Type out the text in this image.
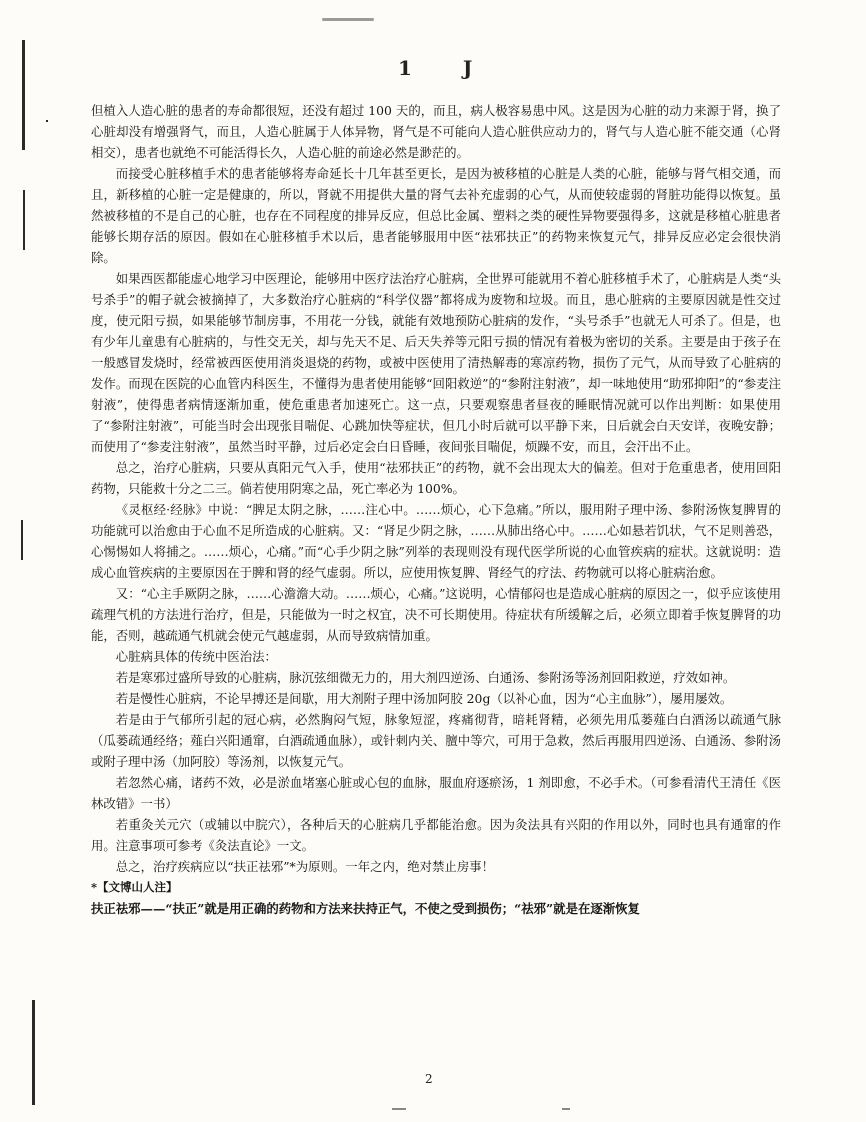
1 J

但植入人造心脏的患者的寿命都很短，还没有超过 100 天的，而且，病人极容易患中风。这是因为心脏的动力来源于肾，换了心脏却没有增强肾气，而且，人造心脏属于人体异物，肾气是不可能向人造心脏供应动力的，肾气与人造心脏不能交通（心肾相交），患者也就绝不可能活得长久，人造心脏的前途必然是渺茫的。

而接受心脏移植手术的患者能够将寿命延长十几年甚至更长，是因为被移植的心脏是人类的心脏，能够与肾气相交通，而且，新移植的心脏一定是健康的，所以，肾就不用提供大量的肾气去补充虚弱的心气，从而使较虚弱的肾脏功能得以恢复。虽然被移植的不是自己的心脏，也存在不同程度的排异反应，但总比金属、塑料之类的硬性异物要强得多，这就是移植心脏患者能够长期存活的原因。假如在心脏移植手术以后，患者能够服用中医“祛邪扶正”的药物来恢复元气，排异反应必定会很快消除。

如果西医都能虚心地学习中医理论，能够用中医疗法治疗心脏病，全世界可能就用不着心脏移植手术了，心脏病是人类“头号杀手”的帽子就会被摘掉了，大多数治疗心脏病的“科学仪器”都将成为废物和垃圾。而且，患心脏病的主要原因就是性交过度，使元阳亏损，如果能够节制房事，不用花一分钱，就能有效地预防心脏病的发作，“头号杀手”也就无人可杀了。但是，也有少年儿童患有心脏病的，与性交无关，却与先天不足、后天失养等元阳亏损的情况有着极为密切的关系。主要是由于孩子在一般感冒发烧时，经常被西医使用消炎退烧的药物，或被中医使用了清热解毒的寒凉药物，损伤了元气，从而导致了心脏病的发作。而现在医院的心血管内科医生，不懂得为患者使用能够“回阳救逆”的“参附注射液”，却一味地使用“助邪抑阳”的“参麦注射液”，使得患者病情逐渐加重，使危重患者加速死亡。这一点，只要观察患者昼夜的睡眠情况就可以作出判断：如果使用了“参附注射液”，可能当时会出现张目喘促、心跳加快等症状，但几小时后就可以平静下来，日后就会白天安详，夜晚安静；而使用了“参麦注射液”，虽然当时平静，过后必定会白日昏睡，夜间张目喘促，烦躁不安，而且，会汗出不止。

总之，治疗心脏病，只要从真阳元气入手，使用“祛邪扶正”的药物，就不会出现太大的偏差。但对于危重患者，使用回阳药物，只能救十分之二三。倘若使用阴寒之品，死亡率必为 100%。

《灵枢经·经脉》中说：“脾足太阴之脉，……注心中。……烦心，心下急痛。”所以，服用附子理中汤、参附汤恢复脾胃的功能就可以治愈由于心血不足所造成的心脏病。又：“肾足少阴之脉，……从肺出络心中。……心如悬若饥状，气不足则善恐，心惕惕如人将捕之。……烦心，心痛。”而“心手少阴之脉”列举的表现则没有现代医学所说的心血管疾病的症状。这就说明：造成心血管疾病的主要原因在于脾和肾的经气虚弱。所以，应使用恢复脾、肾经气的疗法、药物就可以将心脏病治愈。

又：“心主手厥阴之脉，……心澹澹大动。……烦心，心痛。”这说明，心情郁闷也是造成心脏病的原因之一，似乎应该使用疏理气机的方法进行治疗，但是，只能做为一时之权宜，决不可长期使用。待症状有所缓解之后，必须立即着手恢复脾肾的功能，否则，越疏通气机就会使元气越虚弱，从而导致病情加重。

心脏病具体的传统中医治法：

若是寒邪过盛所导致的心脏病，脉沉弦细微无力的，用大剂四逆汤、白通汤、参附汤等汤剂回阳救逆，疗效如神。

若是慢性心脏病，不论早搏还是间歇，用大剂附子理中汤加阿胶 20g（以补心血，因为“心主血脉”），屡用屡效。

若是由于气郁所引起的冠心病，必然胸闷气短，脉象短涩，疼痛彻背，暗耗肾精，必须先用瓜蒌薤白白酒汤以疏通气脉（瓜蒌疏通经络；薤白兴阳通窜，白酒疏通血脉），或针刺内关、膻中等穴，可用于急救，然后再服用四逆汤、白通汤、参附汤或附子理中汤（加阿胶）等汤剂，以恢复元气。

若忽然心痛，诸药不效，必是淤血堵塞心脏或心包的血脉，服血府逐瘀汤，1 剂即愈，不必手术。（可参看清代王清任《医林改错》一书）

若重灸关元穴（或辅以中脘穴），各种后天的心脏病几乎都能治愈。因为灸法具有兴阳的作用以外，同时也具有通窜的作用。注意事项可参考《灸法直论》一文。

总之，治疗疾病应以“扶正祛邪”*为原则。一年之内，绝对禁止房事！

*【文博山人注】

扶正祛邪——“扶正”就是用正确的药物和方法来扶持正气，不使之受到损伤；“祛邪”就是在逐渐恢复

2
